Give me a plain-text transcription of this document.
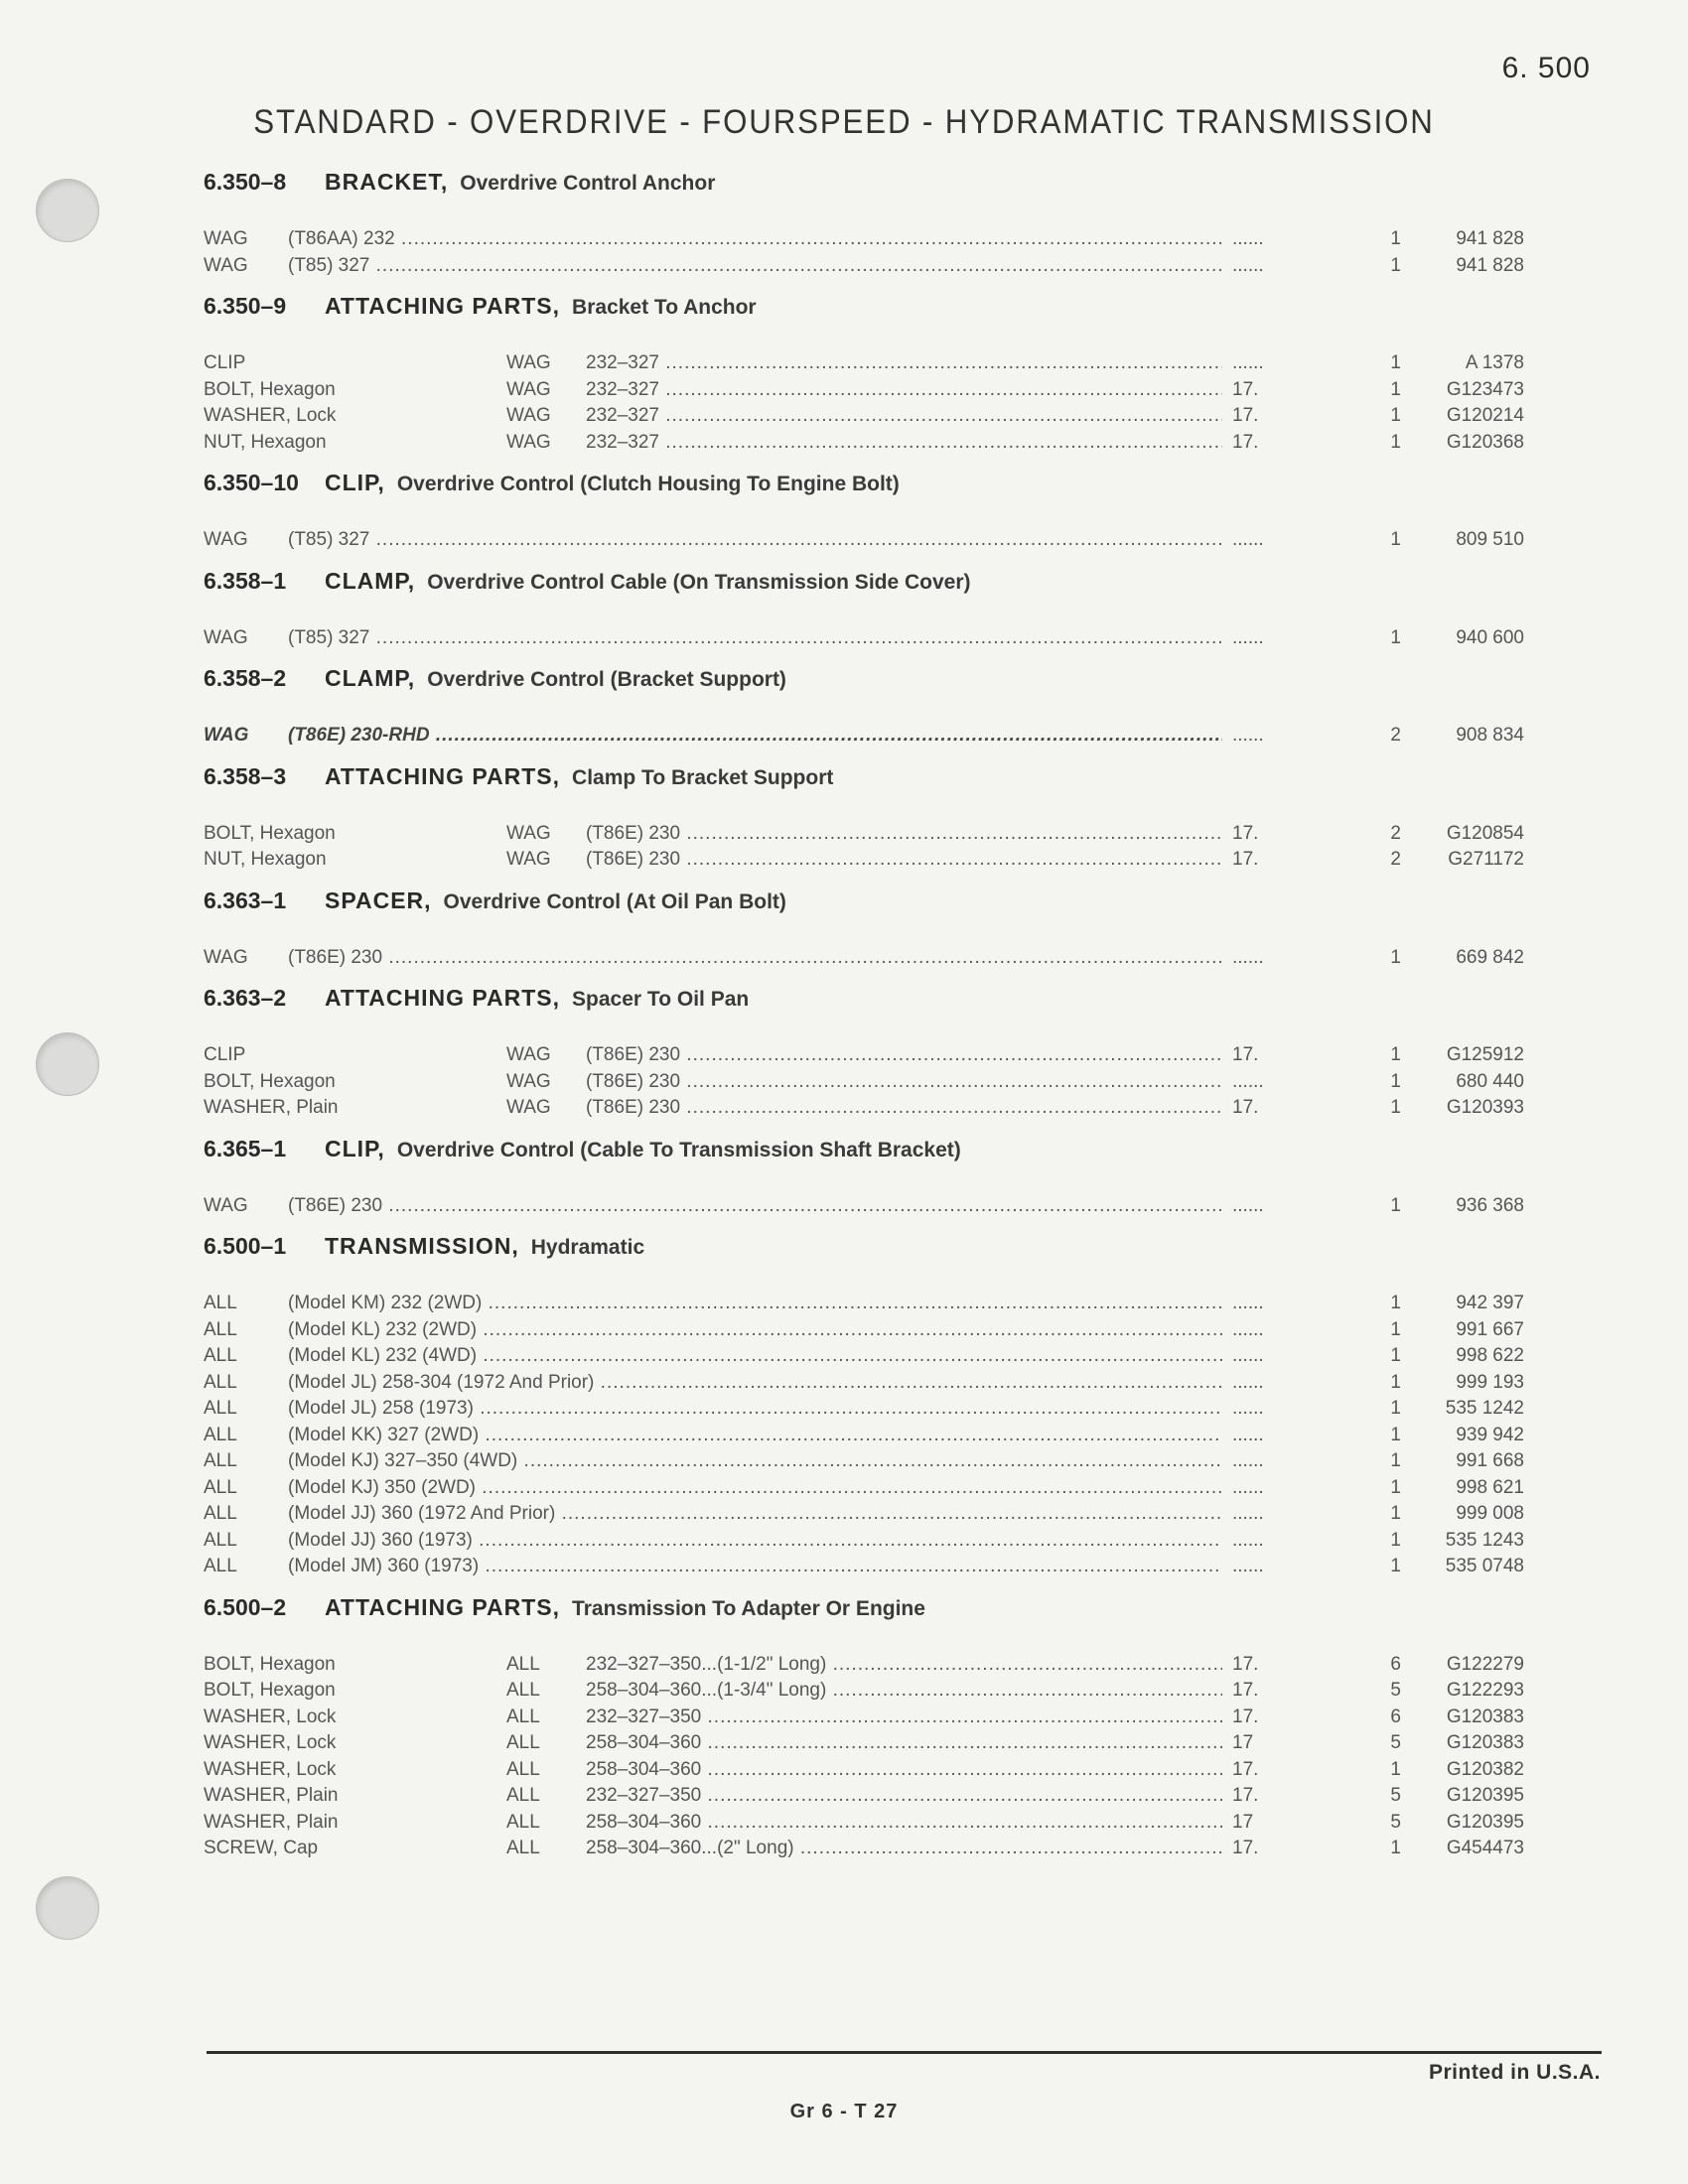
6. 500
STANDARD - OVERDRIVE - FOURSPEED - HYDRAMATIC TRANSMISSION
6.350–8	BRACKET, Overdrive Control Anchor
WAG	(T86AA) 232 .....	......	1	941 828
WAG	(T85) 327 .....	......	1	941 828
6.350–9	ATTACHING PARTS, Bracket To Anchor
CLIP	WAG	232–327 .....	......	1	A 1378
BOLT, Hexagon	WAG	232–327 .....	17.	1	G123473
WASHER, Lock	WAG	232–327 .....	17.	1	G120214
NUT, Hexagon	WAG	232–327 .....	17.	1	G120368
6.350–10	CLIP, Overdrive Control (Clutch Housing To Engine Bolt)
WAG	(T85) 327 .....	......	1	809 510
6.358–1	CLAMP, Overdrive Control Cable (On Transmission Side Cover)
WAG	(T85) 327 .....	......	1	940 600
6.358–2	CLAMP, Overdrive Control (Bracket Support)
WAG	(T86E) 230-RHD .....	......	2	908 834
6.358–3	ATTACHING PARTS, Clamp To Bracket Support
BOLT, Hexagon	WAG	(T86E) 230 .....	17.	2	G120854
NUT, Hexagon	WAG	(T86E) 230 .....	17.	2	G271172
6.363–1	SPACER, Overdrive Control (At Oil Pan Bolt)
WAG	(T86E) 230 .....	......	1	669 842
6.363–2	ATTACHING PARTS, Spacer To Oil Pan
CLIP	WAG	(T86E) 230 .....	17.	1	G125912
BOLT, Hexagon	WAG	(T86E) 230 .....	......	1	680 440
WASHER, Plain	WAG	(T86E) 230 .....	17.	1	G120393
6.365–1	CLIP, Overdrive Control (Cable To Transmission Shaft Bracket)
WAG	(T86E) 230 .....	......	1	936 368
6.500–1	TRANSMISSION, Hydramatic
ALL	(Model KM) 232 (2WD) .....	......	1	942 397
ALL	(Model KL) 232 (2WD) .....	......	1	991 667
ALL	(Model KL) 232 (4WD) .....	......	1	998 622
ALL	(Model JL) 258-304 (1972 And Prior) .....	......	1	999 193
ALL	(Model JL) 258 (1973) .....	......	1	535 1242
ALL	(Model KK) 327 (2WD) .....	......	1	939 942
ALL	(Model KJ) 327–350 (4WD) .....	......	1	991 668
ALL	(Model KJ) 350 (2WD) .....	......	1	998 621
ALL	(Model JJ) 360 (1972 And Prior) .....	......	1	999 008
ALL	(Model JJ) 360 (1973) .....	......	1	535 1243
ALL	(Model JM) 360 (1973) .....	......	1	535 0748
6.500–2	ATTACHING PARTS, Transmission To Adapter Or Engine
BOLT, Hexagon	ALL	232–327–350...(1-1/2" Long) .....	17.	6	G122279
BOLT, Hexagon	ALL	258–304–360...(1-3/4" Long) .....	17.	5	G122293
WASHER, Lock	ALL	232–327–350 .....	17.	6	G120383
WASHER, Lock	ALL	258–304–360 .....	17	5	G120383
WASHER, Lock	ALL	258–304–360 .....	17.	1	G120382
WASHER, Plain	ALL	232–327–350 .....	17.	5	G120395
WASHER, Plain	ALL	258–304–360 .....	17	5	G120395
SCREW, Cap	ALL	258–304–360...(2" Long) .....	17.	1	G454473
Printed in U.S.A.
Gr 6 - T 27
